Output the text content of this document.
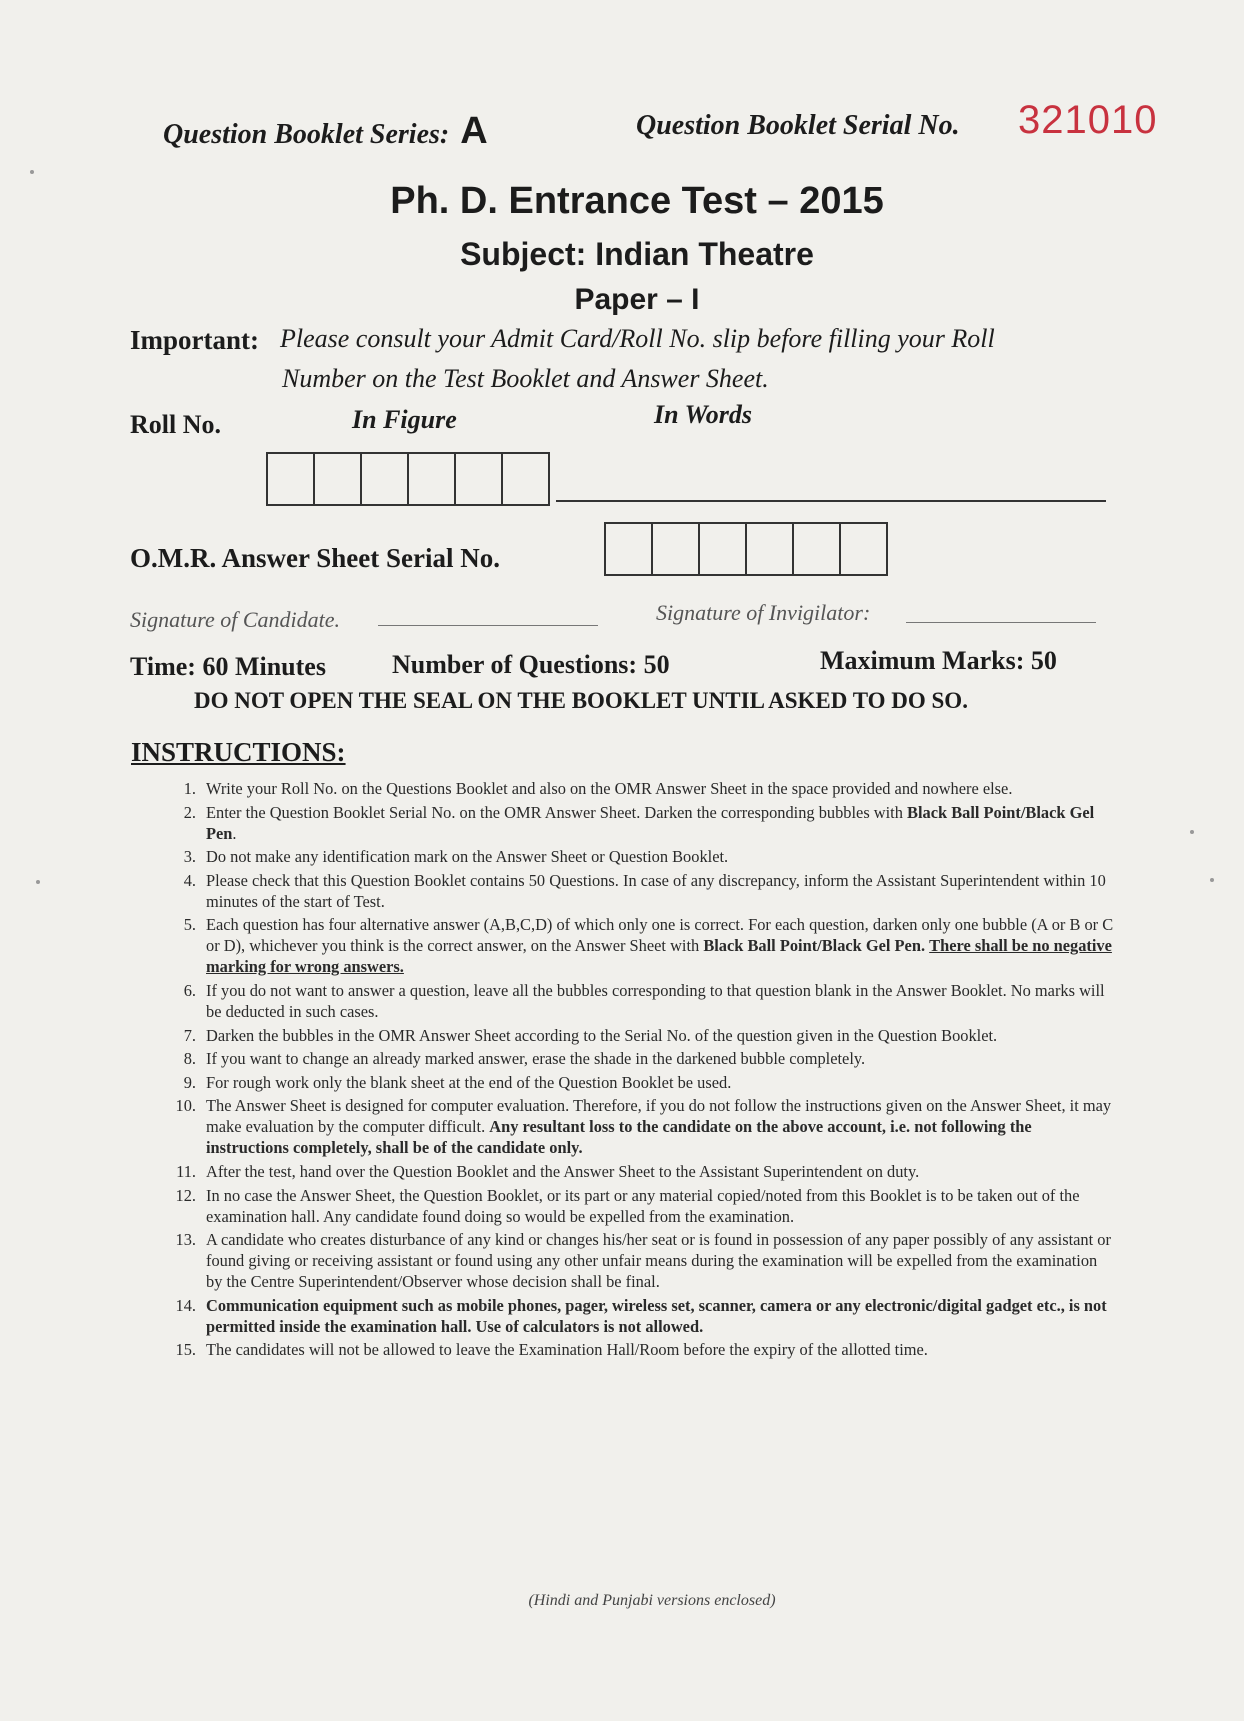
Question Booklet Series: A	Question Booklet Serial No. 321010
Ph. D. Entrance Test – 2015
Subject: Indian Theatre
Paper – I
Important: Please consult your Admit Card/Roll No. slip before filling your Roll
Number on the Test Booklet and Answer Sheet.
Roll No.	In Figure	In Words
O.M.R. Answer Sheet Serial No.
Signature of Candidate.	Signature of Invigilator:
Time: 60 Minutes	Number of Questions: 50	Maximum Marks: 50
DO NOT OPEN THE SEAL ON THE BOOKLET UNTIL ASKED TO DO SO.
INSTRUCTIONS:
1. Write your Roll No. on the Questions Booklet and also on the OMR Answer Sheet in the space provided and nowhere else.
2. Enter the Question Booklet Serial No. on the OMR Answer Sheet. Darken the corresponding bubbles with Black Ball Point/Black Gel Pen.
3. Do not make any identification mark on the Answer Sheet or Question Booklet.
4. Please check that this Question Booklet contains 50 Questions. In case of any discrepancy, inform the Assistant Superintendent within 10 minutes of the start of Test.
5. Each question has four alternative answer (A,B,C,D) of which only one is correct. For each question, darken only one bubble (A or B or C or D), whichever you think is the correct answer, on the Answer Sheet with Black Ball Point/Black Gel Pen. There shall be no negative marking for wrong answers.
6. If you do not want to answer a question, leave all the bubbles corresponding to that question blank in the Answer Booklet. No marks will be deducted in such cases.
7. Darken the bubbles in the OMR Answer Sheet according to the Serial No. of the question given in the Question Booklet.
8. If you want to change an already marked answer, erase the shade in the darkened bubble completely.
9. For rough work only the blank sheet at the end of the Question Booklet be used.
10. The Answer Sheet is designed for computer evaluation. Therefore, if you do not follow the instructions given on the Answer Sheet, it may make evaluation by the computer difficult. Any resultant loss to the candidate on the above account, i.e. not following the instructions completely, shall be of the candidate only.
11. After the test, hand over the Question Booklet and the Answer Sheet to the Assistant Superintendent on duty.
12. In no case the Answer Sheet, the Question Booklet, or its part or any material copied/noted from this Booklet is to be taken out of the examination hall. Any candidate found doing so would be expelled from the examination.
13. A candidate who creates disturbance of any kind or changes his/her seat or is found in possession of any paper possibly of any assistant or found giving or receiving assistant or found using any other unfair means during the examination will be expelled from the examination by the Centre Superintendent/Observer whose decision shall be final.
14. Communication equipment such as mobile phones, pager, wireless set, scanner, camera or any electronic/digital gadget etc., is not permitted inside the examination hall. Use of calculators is not allowed.
15. The candidates will not be allowed to leave the Examination Hall/Room before the expiry of the allotted time.
(Hindi and Punjabi versions enclosed)
